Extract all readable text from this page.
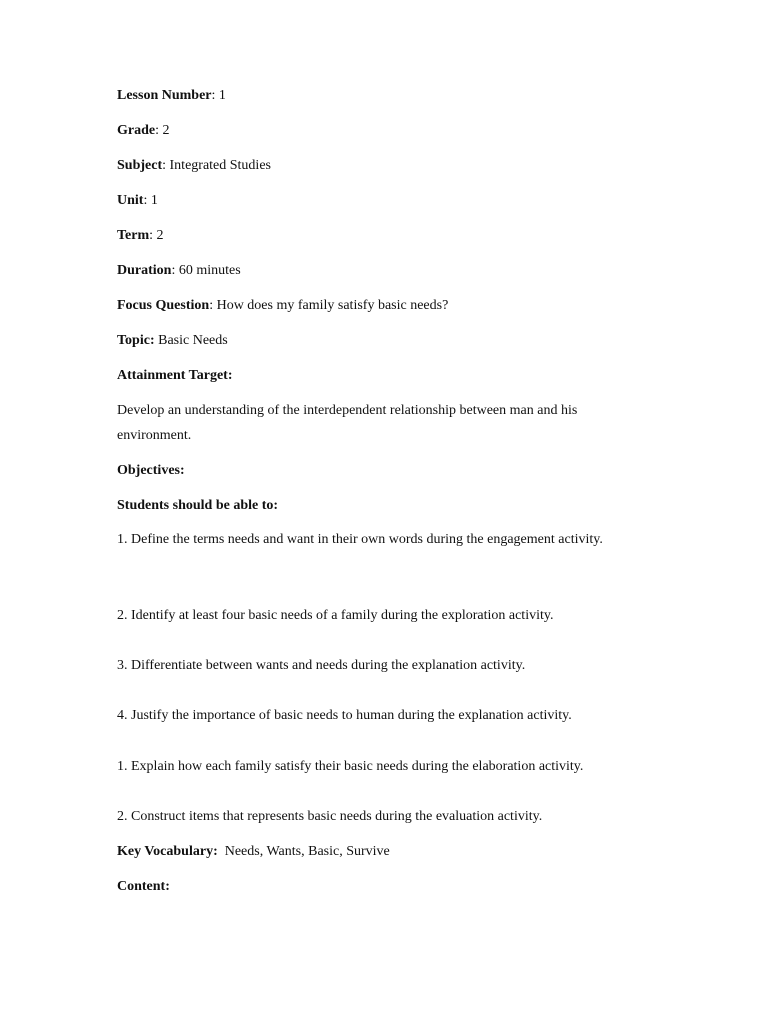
Lesson Number: 1
Grade: 2
Subject: Integrated Studies
Unit: 1
Term: 2
Duration: 60 minutes
Focus Question: How does my family satisfy basic needs?
Topic: Basic Needs
Attainment Target:
Develop an understanding of the interdependent relationship between man and his environment.
Objectives:
Students should be able to:
1. Define the terms needs and want in their own words during the engagement activity.
2. Identify at least four basic needs of a family during the exploration activity.
3. Differentiate between wants and needs during the explanation activity.
4. Justify the importance of basic needs to human during the explanation activity.
1. Explain how each family satisfy their basic needs during the elaboration activity.
2. Construct items that represents basic needs during the evaluation activity.
Key Vocabulary: Needs, Wants, Basic, Survive
Content:
